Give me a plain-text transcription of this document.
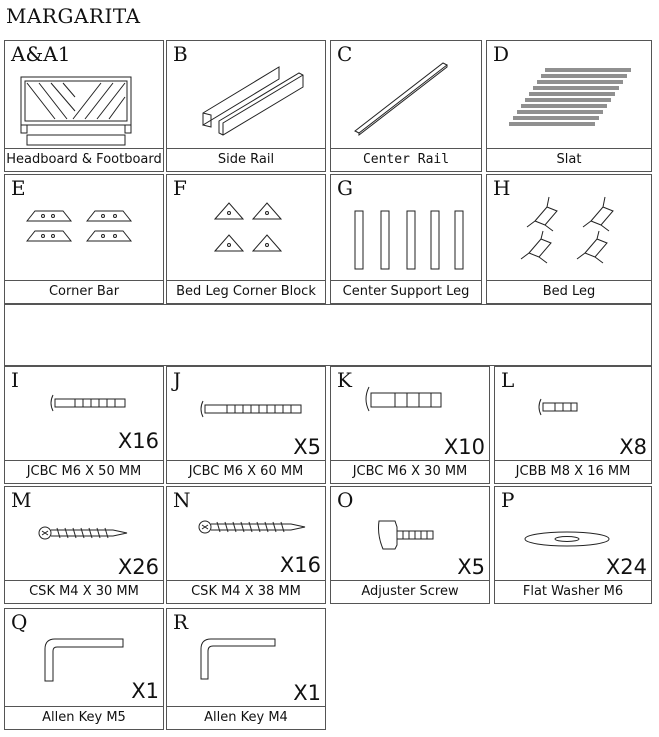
MARGARITA
A&A1
Headboard & Footboard
B
Side Rail
C
Center Rail
D
Slat
E
Corner Bar
F
Bed Leg Corner Block
G
Center Support Leg
H
Bed Leg
I
X16
JCBC M6 X 50 MM
J
X5
JCBC M6 X 60 MM
K
X10
JCBC M6 X 30 MM
L
X8
JCBB M8 X 16 MM
M
X26
CSK M4 X 30 MM
N
X16
CSK M4 X 38 MM
O
X5
Adjuster Screw
P
X24
Flat Washer M6
Q
X1
Allen Key M5
R
X1
Allen Key M4
